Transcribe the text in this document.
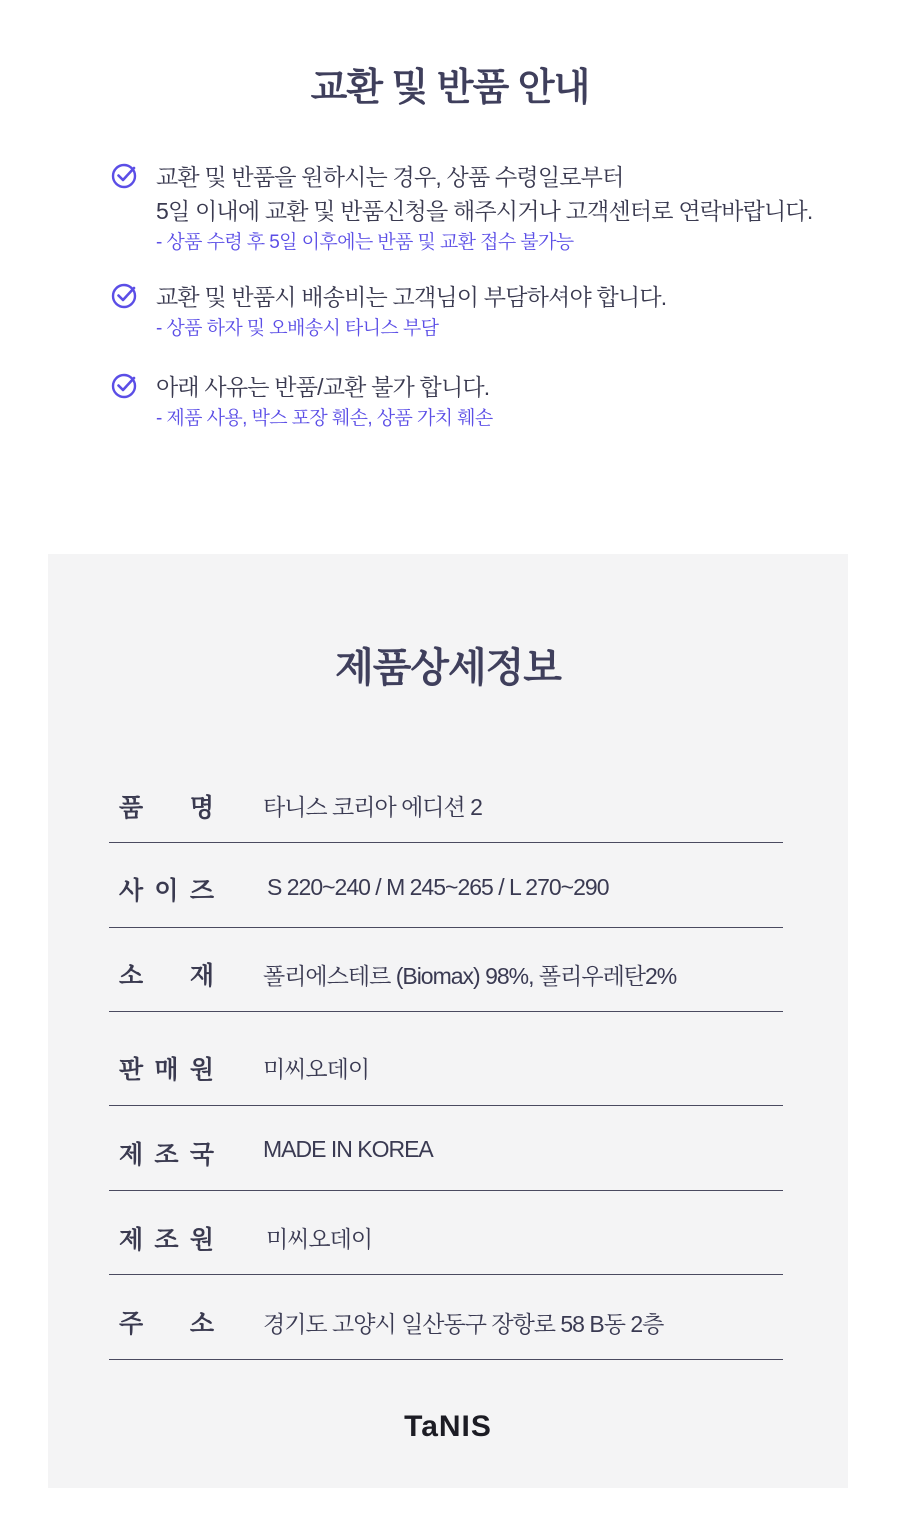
교환 및 반품 안내
교환 및 반품을 원하시는 경우, 상품 수령일로부터
5일 이내에 교환 및 반품신청을 해주시거나 고객센터로 연락바랍니다.
- 상품 수령 후 5일 이후에는 반품 및 교환 접수 불가능
교환 및 반품시 배송비는 고객님이 부담하셔야 합니다.
- 상품 하자 및 오배송시 타니스 부담
아래 사유는 반품/교환 불가 합니다.
- 제품 사용, 박스 포장 훼손, 상품 가치 훼손
제품상세정보
품 명 타니스 코리아 에디션 2
사 이 즈 S 220~240 / M 245~265 / L 270~290
소 재 폴리에스테르 (Biomax) 98%, 폴리우레탄2%
판 매 원 미씨오데이
제 조 국 MADE IN KOREA
제 조 원 미씨오데이
주 소 경기도 고양시 일산동구 장항로 58 B동 2층
TaNIS
